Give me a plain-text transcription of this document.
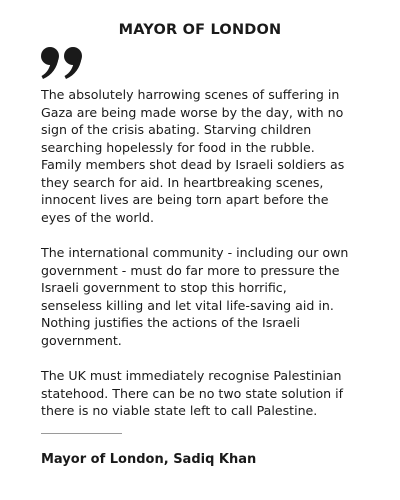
MAYOR OF LONDON

The absolutely harrowing scenes of suffering in
Gaza are being made worse by the day, with no
sign of the crisis abating. Starving children
searching hopelessly for food in the rubble.
Family members shot dead by Israeli soldiers as
they search for aid. In heartbreaking scenes,
innocent lives are being torn apart before the
eyes of the world.

The international community - including our own
government - must do far more to pressure the
Israeli government to stop this horrific,
senseless killing and let vital life-saving aid in.
Nothing justifies the actions of the Israeli
government.

The UK must immediately recognise Palestinian
statehood. There can be no two state solution if
there is no viable state left to call Palestine.

Mayor of London, Sadiq Khan
